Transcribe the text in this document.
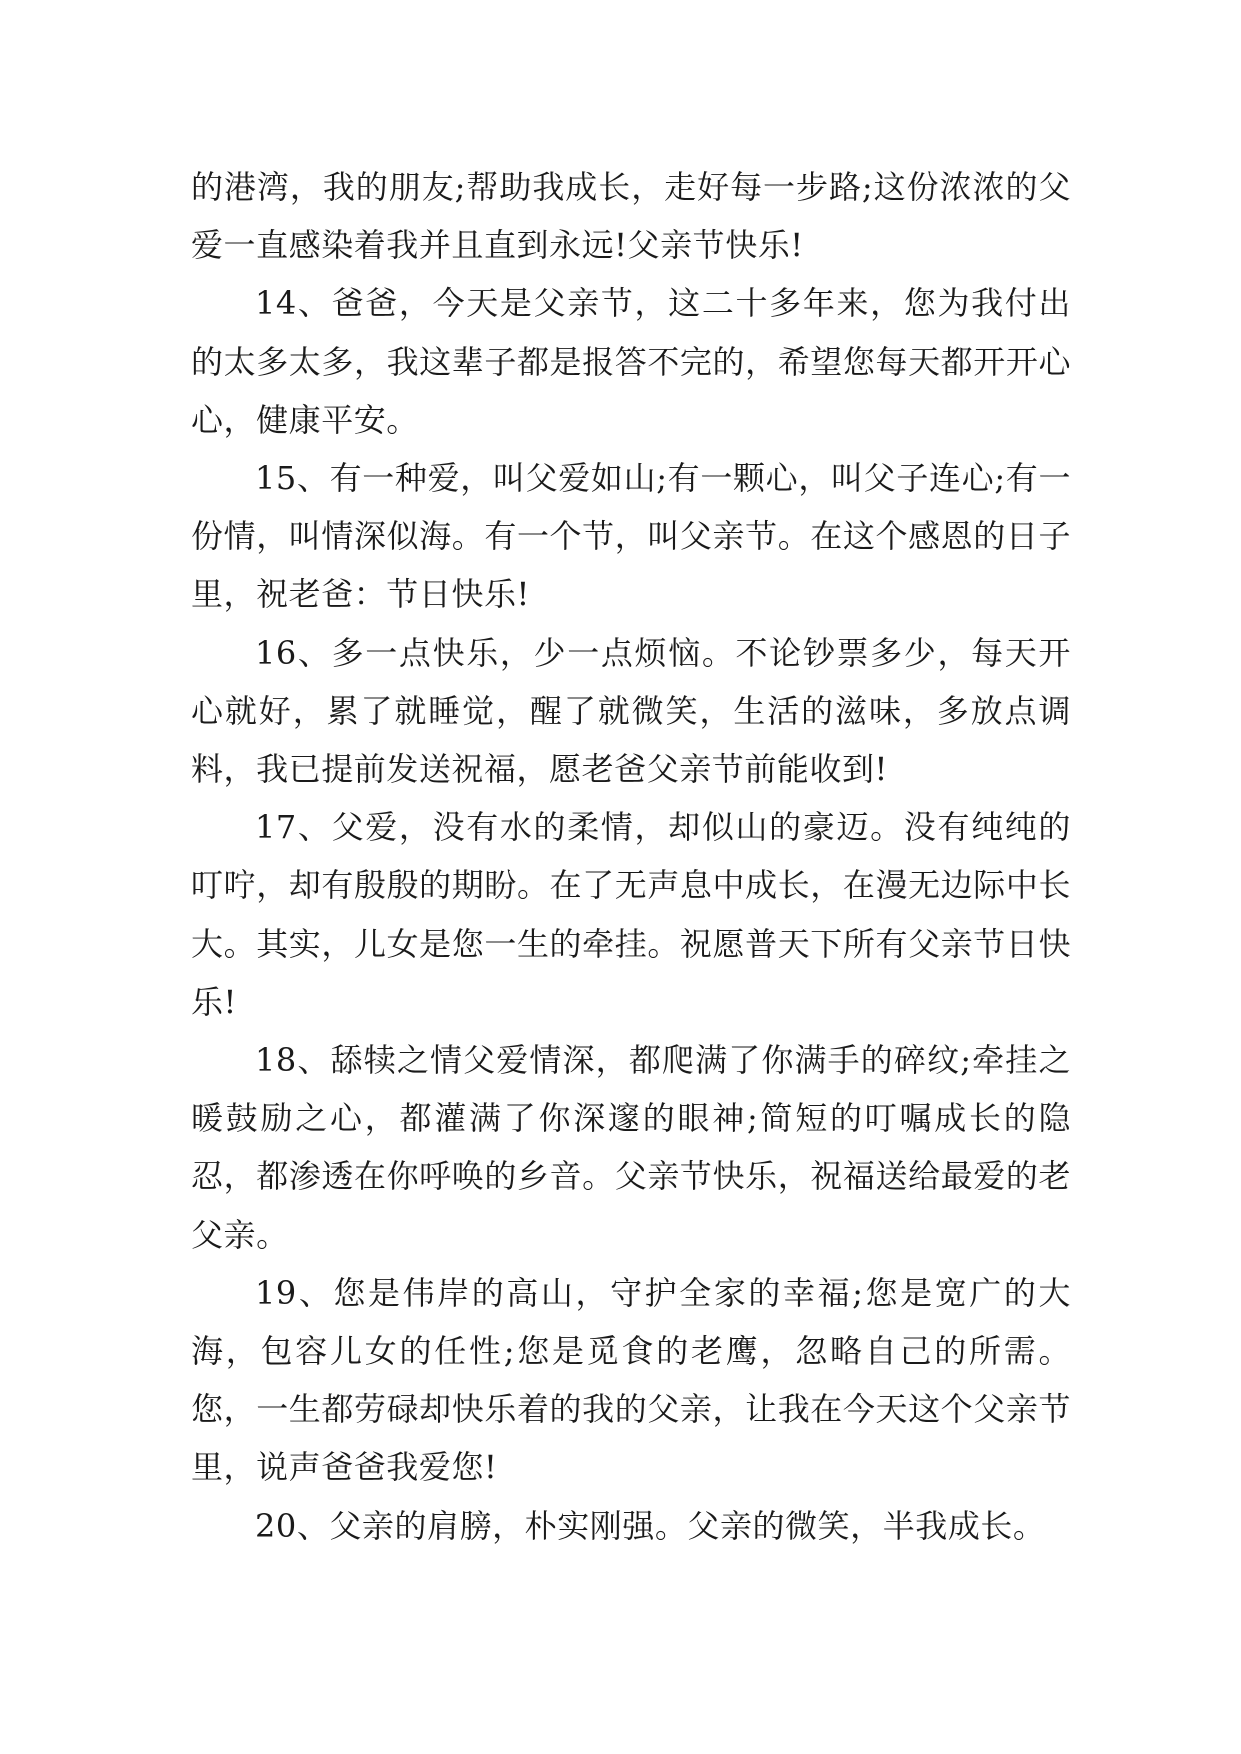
的港湾，我的朋友;帮助我成长，走好每一步路;这份浓浓的父爱一直感染着我并且直到永远!父亲节快乐!

14、爸爸，今天是父亲节，这二十多年来，您为我付出的太多太多，我这辈子都是报答不完的，希望您每天都开开心心，健康平安。

15、有一种爱，叫父爱如山;有一颗心，叫父子连心;有一份情，叫情深似海。有一个节，叫父亲节。在这个感恩的日子里，祝老爸：节日快乐!

16、多一点快乐，少一点烦恼。不论钞票多少，每天开心就好，累了就睡觉，醒了就微笑，生活的滋味，多放点调料，我已提前发送祝福，愿老爸父亲节前能收到!

17、父爱，没有水的柔情，却似山的豪迈。没有纯纯的叮咛，却有殷殷的期盼。在了无声息中成长，在漫无边际中长大。其实，儿女是您一生的牵挂。祝愿普天下所有父亲节日快乐!

18、舔犊之情父爱情深，都爬满了你满手的碎纹;牵挂之暖鼓励之心，都灌满了你深邃的眼神;简短的叮嘱成长的隐忍，都渗透在你呼唤的乡音。父亲节快乐，祝福送给最爱的老父亲。

19、您是伟岸的高山，守护全家的幸福;您是宽广的大海，包容儿女的任性;您是觅食的老鹰，忽略自己的所需。您，一生都劳碌却快乐着的我的父亲，让我在今天这个父亲节里，说声爸爸我爱您!

20、父亲的肩膀，朴实刚强。父亲的微笑，半我成长。
